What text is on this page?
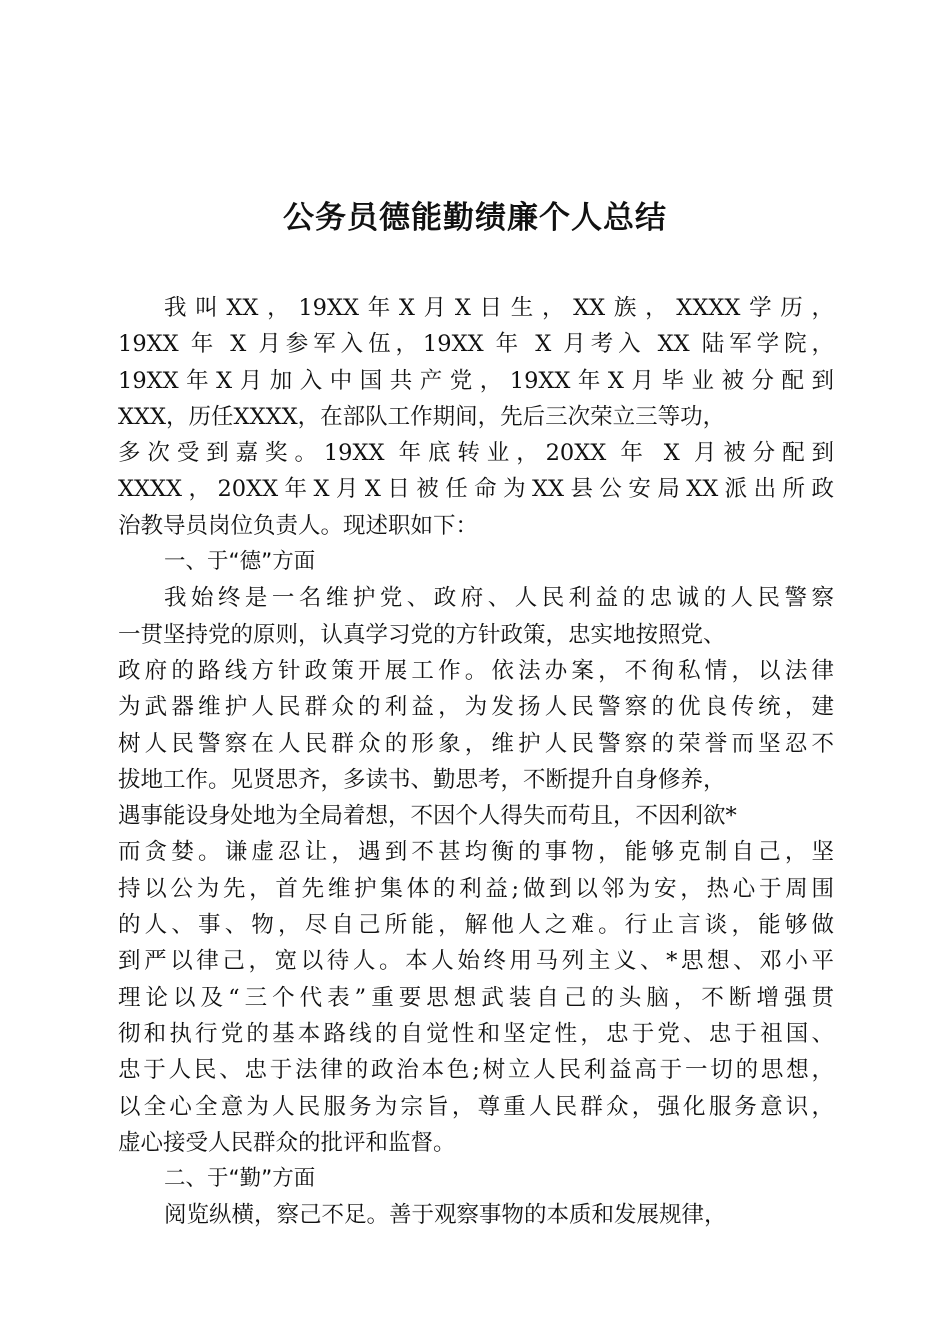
公务员德能勤绩廉个人总结
我叫XX，19XX年X月X日生，XX族，XXXX学历，
19XX 年 X 月参军入伍，19XX 年 X 月考入 XX 陆军学院，
19XX年X月加入中国共产党，19XX年X月毕业被分配到
XXX，历任XXXX，在部队工作期间，先后三次荣立三等功，
多次受到嘉奖。19XX 年底转业，20XX 年 X 月被分配到
XXXX，20XX年X月X日被任命为XX县公安局XX派出所政
治教导员岗位负责人。现述职如下：
一、于“德”方面
我始终是一名维护党、政府、人民利益的忠诚的人民警察
一贯坚持党的原则，认真学习党的方针政策，忠实地按照党、
政府的路线方针政策开展工作。依法办案，不徇私情，以法律
为武器维护人民群众的利益，为发扬人民警察的优良传统，建
树人民警察在人民群众的形象，维护人民警察的荣誉而坚忍不
拔地工作。见贤思齐，多读书、勤思考，不断提升自身修养，
遇事能设身处地为全局着想，不因个人得失而苟且，不因利欲*
而贪婪。谦虚忍让，遇到不甚均衡的事物，能够克制自己，坚
持以公为先，首先维护集体的利益;做到以邻为安，热心于周围
的人、事、物，尽自己所能，解他人之难。行止言谈，能够做
到严以律己，宽以待人。本人始终用马列主义、*思想、邓小平
理论以及“三个代表”重要思想武装自己的头脑，不断增强贯
彻和执行党的基本路线的自觉性和坚定性，忠于党、忠于祖国、
忠于人民、忠于法律的政治本色;树立人民利益高于一切的思想，
以全心全意为人民服务为宗旨，尊重人民群众，强化服务意识，
虚心接受人民群众的批评和监督。
二、于“勤”方面
阅览纵横，察己不足。善于观察事物的本质和发展规律，
